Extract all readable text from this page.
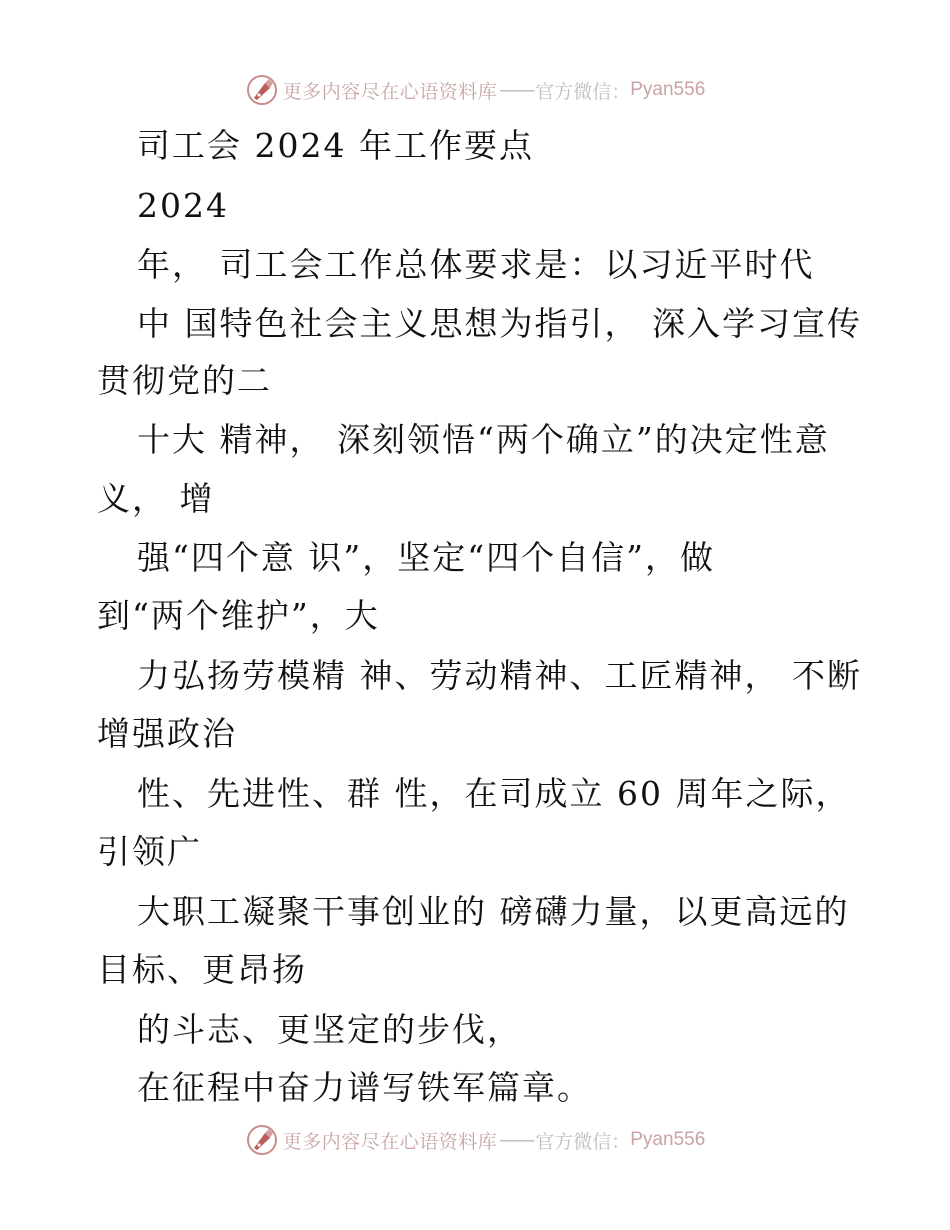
更多内容尽在心语资料库 —— 官方微信： Pyan556
司工会 2024 年工作要点
2024
年， 司工会工作总体要求是：以习近平时代
中 国特色社会主义思想为指引， 深入学习宣传
贯彻党的二
十大 精神， 深刻领悟“两个确立”的决定性意
义， 增
强“四个意 识”，坚定“四个自信”，做
到“两个维护”，大
力弘扬劳模精 神、劳动精神、工匠精神， 不断
增强政治
性、先进性、群 性，在司成立 60 周年之际，
引领广
大职工凝聚干事创业的 磅礴力量，以更高远的
目标、更昂扬
的斗志、更坚定的步伐，
在征程中奋力谱写铁军篇章。
更多内容尽在心语资料库 —— 官方微信： Pyan556
